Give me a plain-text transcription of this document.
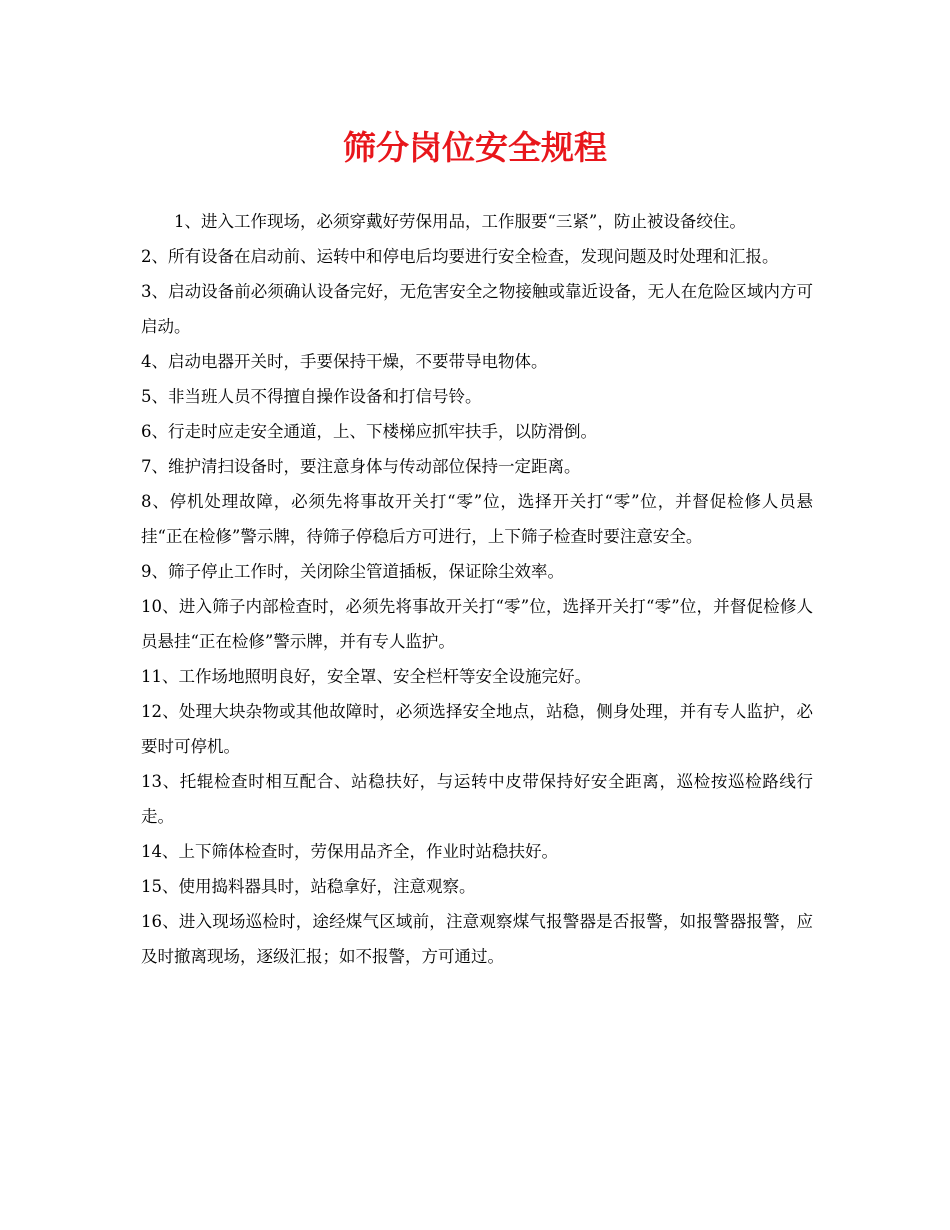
筛分岗位安全规程

1、进入工作现场，必须穿戴好劳保用品，工作服要“三紧”，防止被设备绞住。

2、所有设备在启动前、运转中和停电后均要进行安全检查，发现问题及时处理和汇报。

3、启动设备前必须确认设备完好，无危害安全之物接触或靠近设备，无人在危险区域内方可启动。

4、启动电器开关时，手要保持干燥，不要带导电物体。

5、非当班人员不得擅自操作设备和打信号铃。

6、行走时应走安全通道，上、下楼梯应抓牢扶手，以防滑倒。

7、维护清扫设备时，要注意身体与传动部位保持一定距离。

8、停机处理故障，必须先将事故开关打“零”位，选择开关打“零”位，并督促检修人员悬挂“正在检修”警示牌，待筛子停稳后方可进行，上下筛子检查时要注意安全。

9、筛子停止工作时，关闭除尘管道插板，保证除尘效率。

10、进入筛子内部检查时，必须先将事故开关打“零”位，选择开关打“零”位，并督促检修人员悬挂“正在检修”警示牌，并有专人监护。

11、工作场地照明良好，安全罩、安全栏杆等安全设施完好。

12、处理大块杂物或其他故障时，必须选择安全地点，站稳，侧身处理，并有专人监护，必要时可停机。

13、托辊检查时相互配合、站稳扶好，与运转中皮带保持好安全距离，巡检按巡检路线行走。

14、上下筛体检查时，劳保用品齐全，作业时站稳扶好。

15、使用捣料器具时，站稳拿好，注意观察。

16、进入现场巡检时，途经煤气区域前，注意观察煤气报警器是否报警，如报警器报警，应及时撤离现场，逐级汇报；如不报警，方可通过。
